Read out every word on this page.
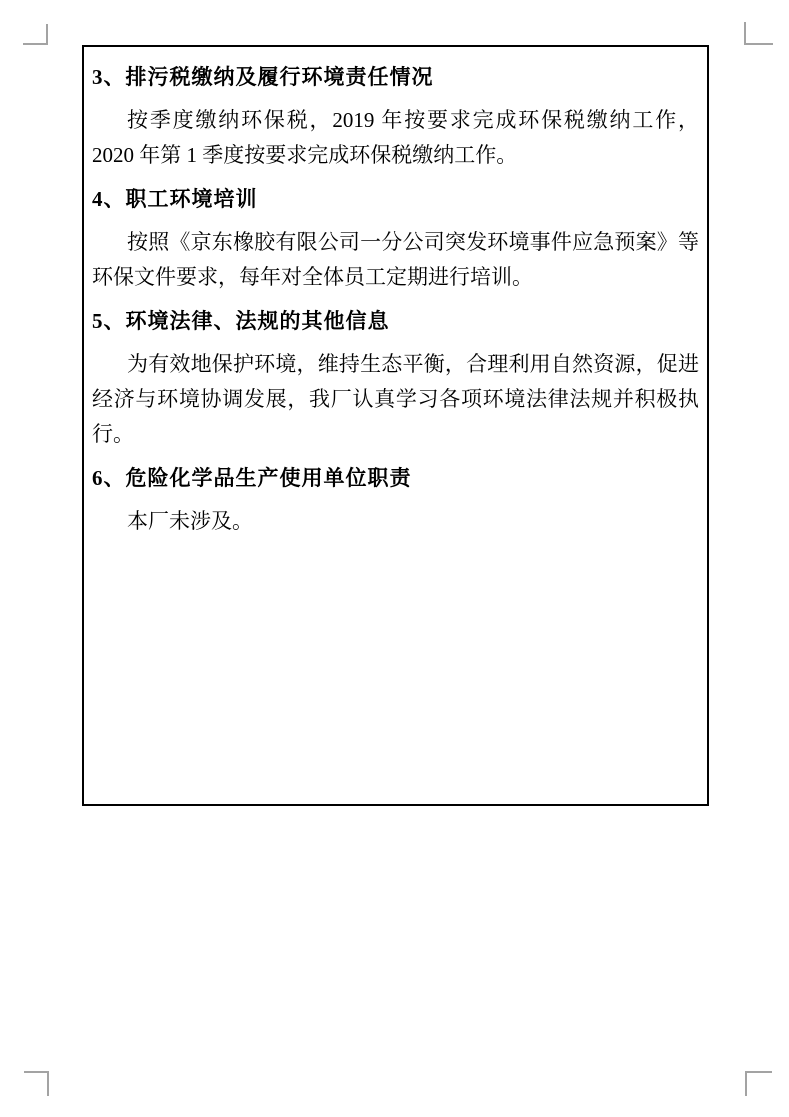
3、排污税缴纳及履行环境责任情况

按季度缴纳环保税，2019 年按要求完成环保税缴纳工作，2020 年第 1 季度按要求完成环保税缴纳工作。

4、职工环境培训

按照《京东橡胶有限公司一分公司突发环境事件应急预案》等环保文件要求，每年对全体员工定期进行培训。

5、环境法律、法规的其他信息

为有效地保护环境，维持生态平衡，合理利用自然资源，促进经济与环境协调发展，我厂认真学习各项环境法律法规并积极执行。

6、危险化学品生产使用单位职责

本厂未涉及。
